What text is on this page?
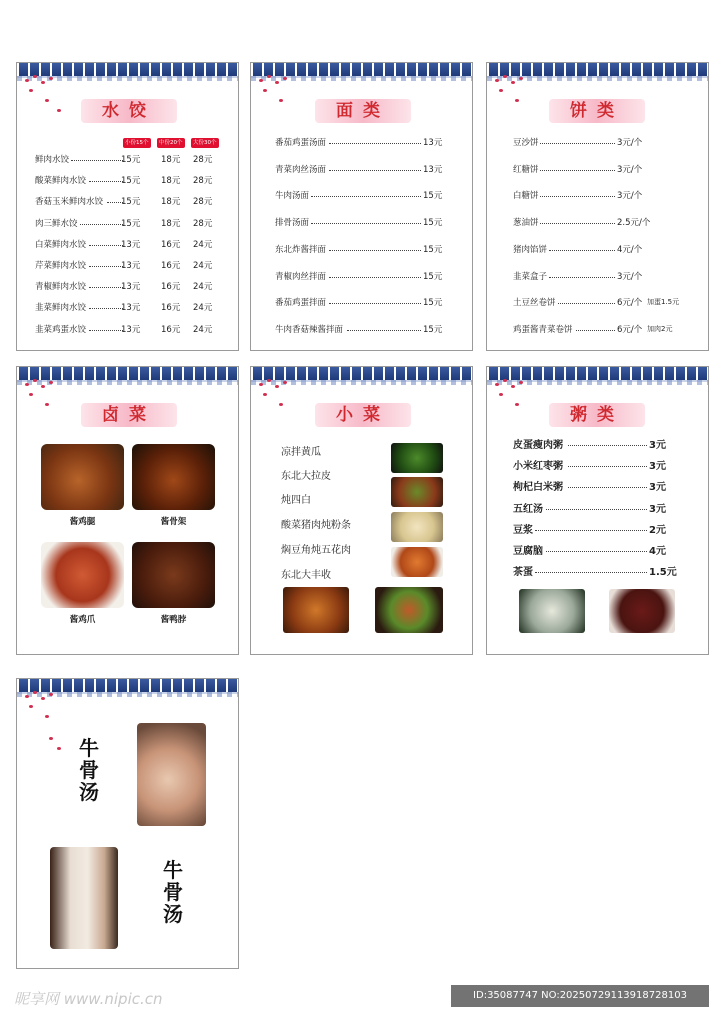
水饺
小份15个	中份20个	大份30个
鲜肉水饺	15元 18元 28元
酸菜鲜肉水饺	15元 18元 28元
香菇玉米鲜肉水饺 15元 18元 28元
肉三鲜水饺	15元 18元 28元
白菜鲜肉水饺	13元 16元 24元
芹菜鲜肉水饺	13元 16元 24元
青椒鲜肉水饺	13元 16元 24元
韭菜鲜肉水饺	13元 16元 24元
韭菜鸡蛋水饺	13元 16元 24元
面类
番茄鸡蛋汤面	13元
青菜肉丝汤面	13元
牛肉汤面	15元
排骨汤面	15元
东北炸酱拌面	15元
青椒肉丝拌面	15元
番茄鸡蛋拌面	15元
牛肉香菇辣酱拌面	15元
饼类
豆沙饼	3元/个
红糖饼	3元/个
白糖饼	3元/个
葱油饼	2.5元/个
猪肉馅饼	4元/个
韭菜盒子	3元/个
土豆丝卷饼	6元/个 加蛋1.5元
鸡蛋酱青菜卷饼	6元/个 加肉2元
卤菜
酱鸡腿	酱骨架
酱鸡爪	酱鸭脖
小菜
凉拌黄瓜
东北大拉皮
炖四白
酸菜猪肉炖粉条
焖豆角炖五花肉
东北大丰收
粥类
皮蛋瘦肉粥	3元
小米红枣粥	3元
枸杞白米粥	3元
五红汤	3元
豆浆	2元
豆腐脑	4元
茶蛋	1.5元
牛骨汤
牛骨汤
昵享网 www.nipic.cn	ID:35087747 NO:20250729113918728103
